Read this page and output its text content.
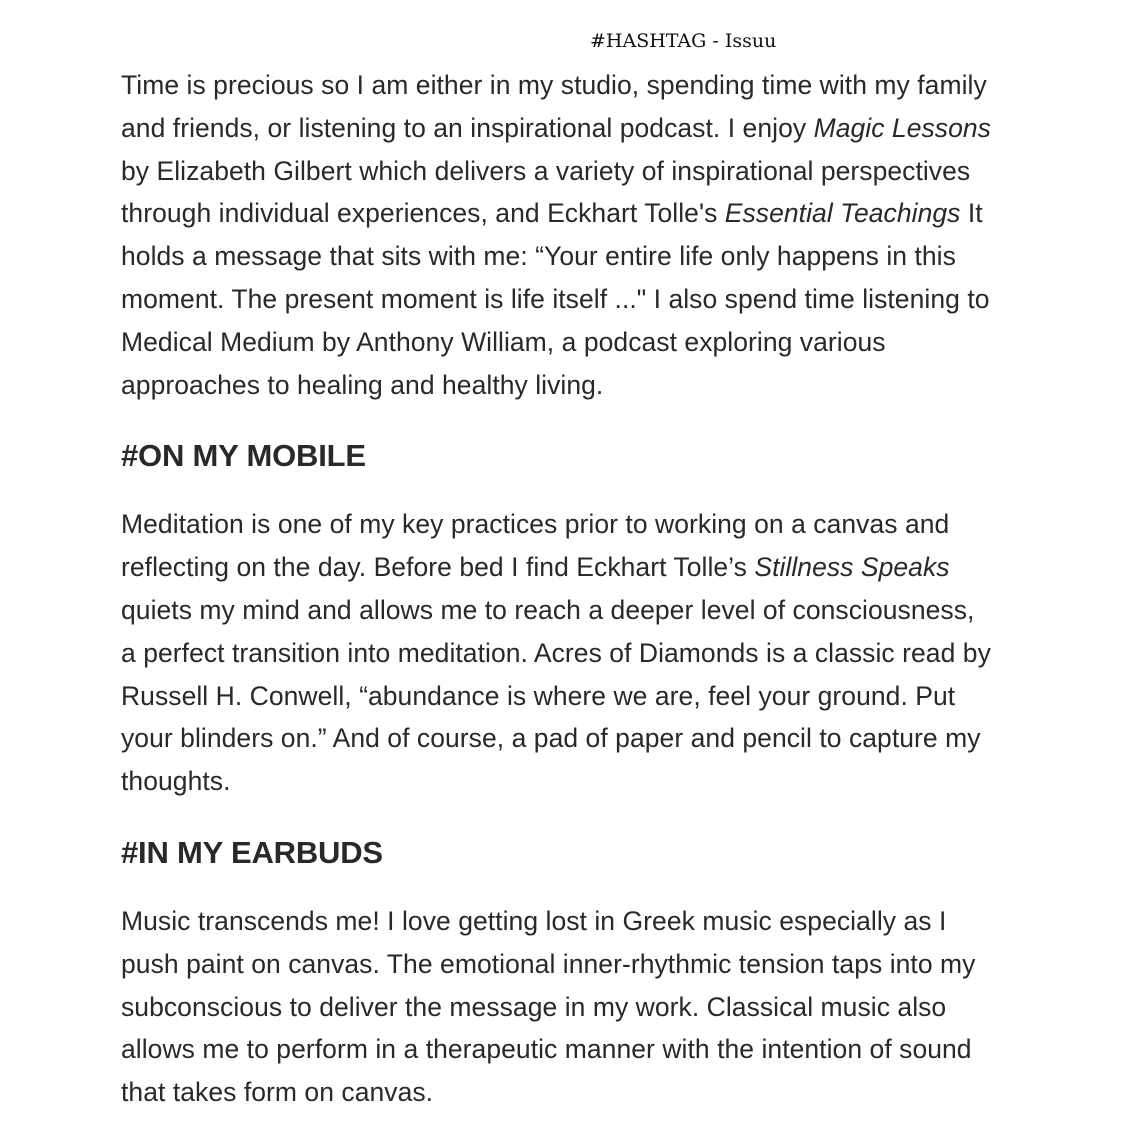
#HASHTAG - Issuu

Time is precious so I am either in my studio, spending time with my family and friends, or listening to an inspirational podcast. I enjoy Magic Lessons by Elizabeth Gilbert which delivers a variety of inspirational perspectives through individual experiences, and Eckhart Tolle's Essential Teachings It holds a message that sits with me: “Your entire life only happens in this moment. The present moment is life itself ..." I also spend time listening to Medical Medium by Anthony William, a podcast exploring various approaches to healing and healthy living.

#ON MY MOBILE

Meditation is one of my key practices prior to working on a canvas and reflecting on the day. Before bed I find Eckhart Tolle’s Stillness Speaks quiets my mind and allows me to reach a deeper level of consciousness, a perfect transition into meditation. Acres of Diamonds is a classic read by Russell H. Conwell, “abundance is where we are, feel your ground. Put your blinders on.” And of course, a pad of paper and pencil to capture my thoughts.

#IN MY EARBUDS

Music transcends me! I love getting lost in Greek music especially as I push paint on canvas. The emotional inner-rhythmic tension taps into my subconscious to deliver the message in my work. Classical music also allows me to perform in a therapeutic manner with the intention of sound that takes form on canvas.
